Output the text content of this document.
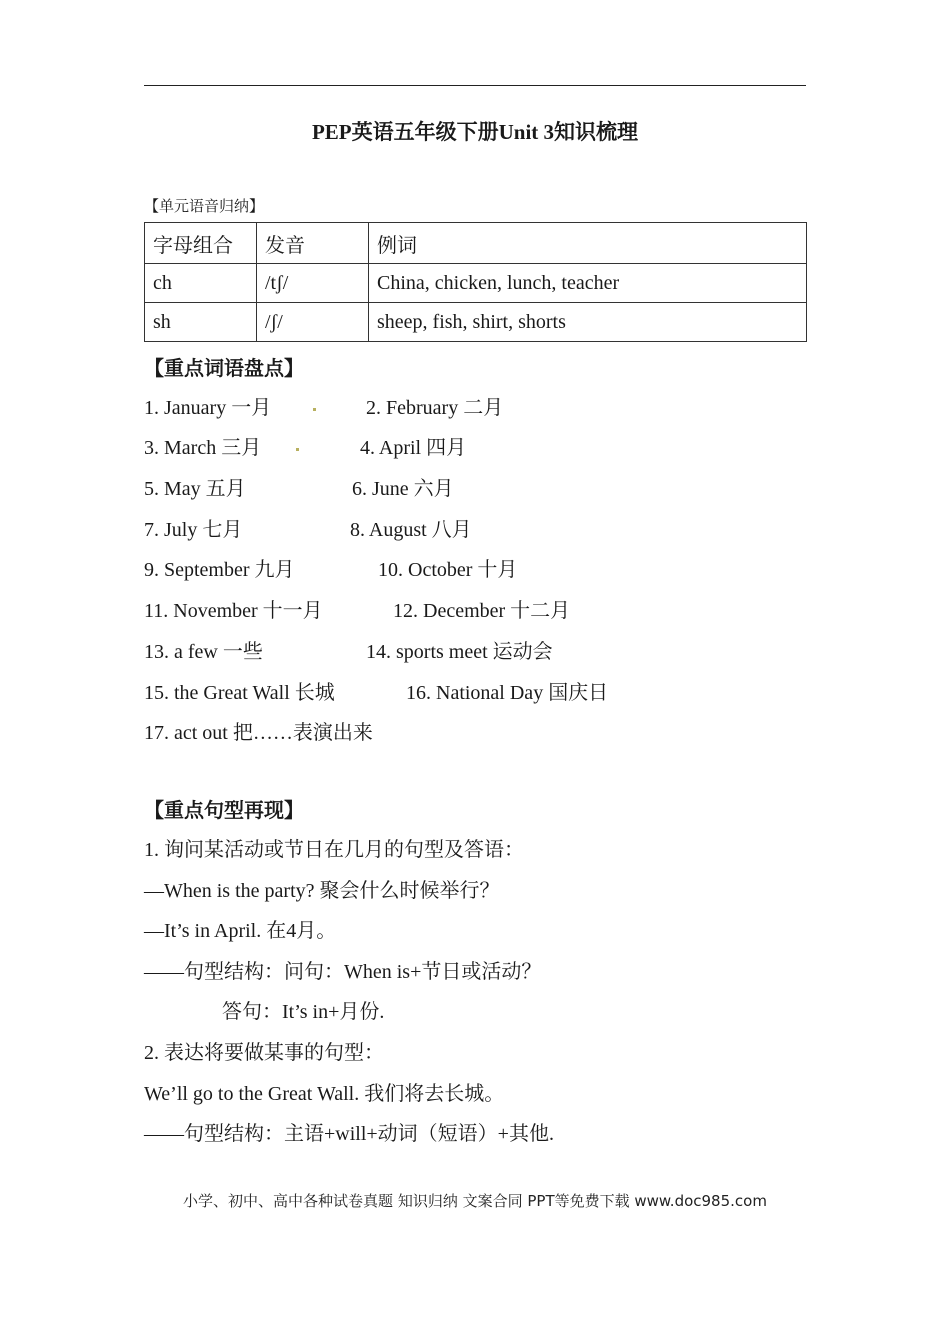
PEP英语五年级下册Unit 3知识梳理
【单元语音归纳】
字母组合	发音	例词
ch	/tʃ/	China, chicken, lunch, teacher
sh	/ʃ/	sheep, fish, shirt, shorts
【重点词语盘点】
1. January 一月	2. February 二月
3. March 三月	4. April 四月
5. May 五月	6. June 六月
7. July 七月	8. August 八月
9. September 九月	10. October 十月
11. November 十一月	12. December 十二月
13. a few 一些	14. sports meet 运动会
15. the Great Wall 长城	16. National Day 国庆日
17. act out 把……表演出来
【重点句型再现】
1. 询问某活动或节日在几月的句型及答语：
—When is the party? 聚会什么时候举行？
—It’s in April. 在4月。
——句型结构：问句：When is+节日或活动？
答句：It’s in+月份.
2. 表达将要做某事的句型：
We’ll go to the Great Wall. 我们将去长城。
——句型结构：主语+will+动词（短语）+其他.
小学、初中、高中各种试卷真题 知识归纳 文案合同 PPT等免费下载 www.doc985.com
